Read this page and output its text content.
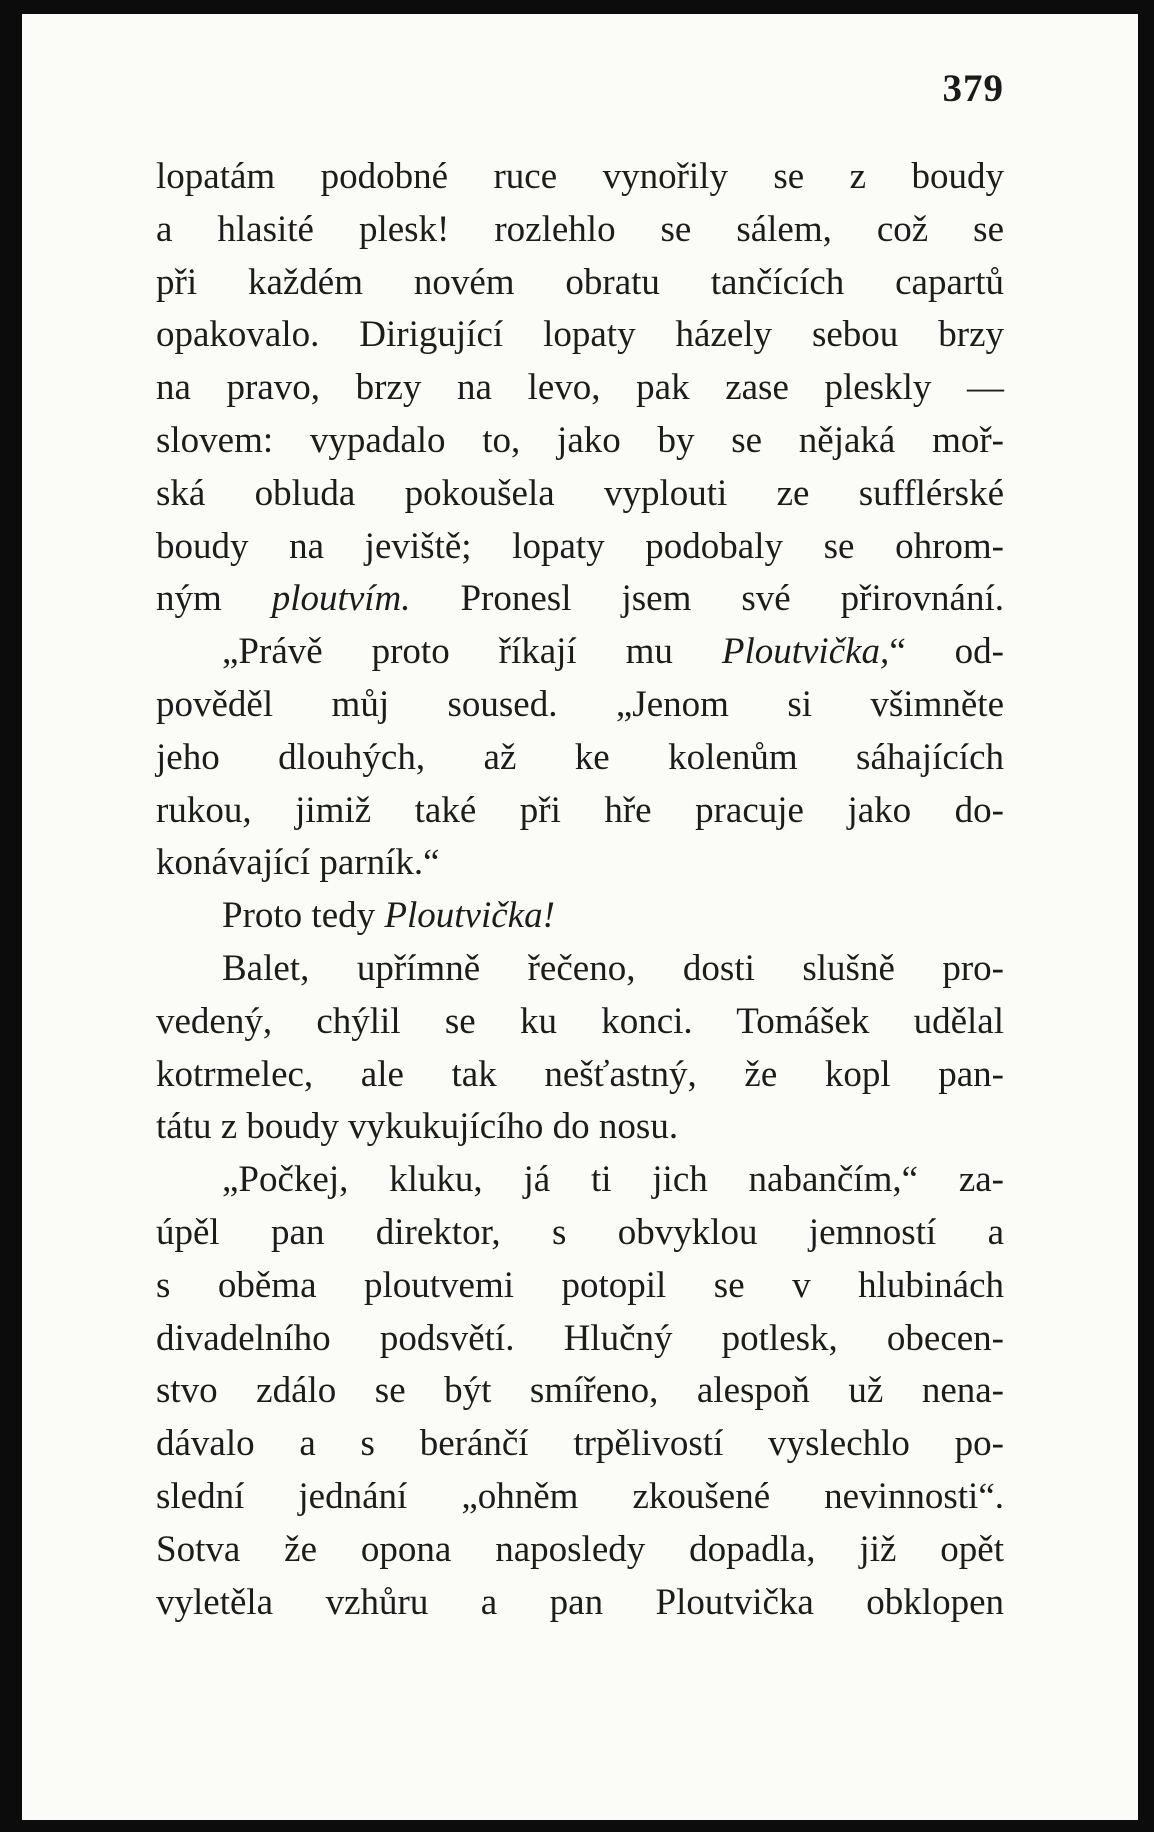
379
lopatám podobné ruce vynořily se z boudy
a hlasité plesk! rozlehlo se sálem, což se
při každém novém obratu tančících capartů
opakovalo. Dirigující lopaty házely sebou brzy
na pravo, brzy na levo, pak zase pleskly —
slovem: vypadalo to, jako by se nějaká moř-
ská obluda pokoušela vyplouti ze sufflérské
boudy na jeviště; lopaty podobaly se ohrom-
ným ploutvím. Pronesl jsem své přirovnání.
„Právě proto říkají mu Ploutvička,“ od-
pověděl můj soused. „Jenom si všimněte
jeho dlouhých, až ke kolenům sáhajících
rukou, jimiž také při hře pracuje jako do-
konávající parník.“
Proto tedy Ploutvička!
Balet, upřímně řečeno, dosti slušně pro-
vedený, chýlil se ku konci. Tomášek udělal
kotrmelec, ale tak nešťastný, že kopl pan-
tátu z boudy vykukujícího do nosu.
„Počkej, kluku, já ti jich nabančím,“ za-
úpěl pan direktor, s obvyklou jemností a
s oběma ploutvemi potopil se v hlubinách
divadelního podsvětí. Hlučný potlesk, obecen-
stvo zdálo se být smířeno, alespoň už nena-
dávalo a s beránčí trpělivostí vyslechlo po-
slední jednání „ohněm zkoušené nevinnosti“.
Sotva že opona naposledy dopadla, již opět
vyletěla vzhůru a pan Ploutvička obklopen
